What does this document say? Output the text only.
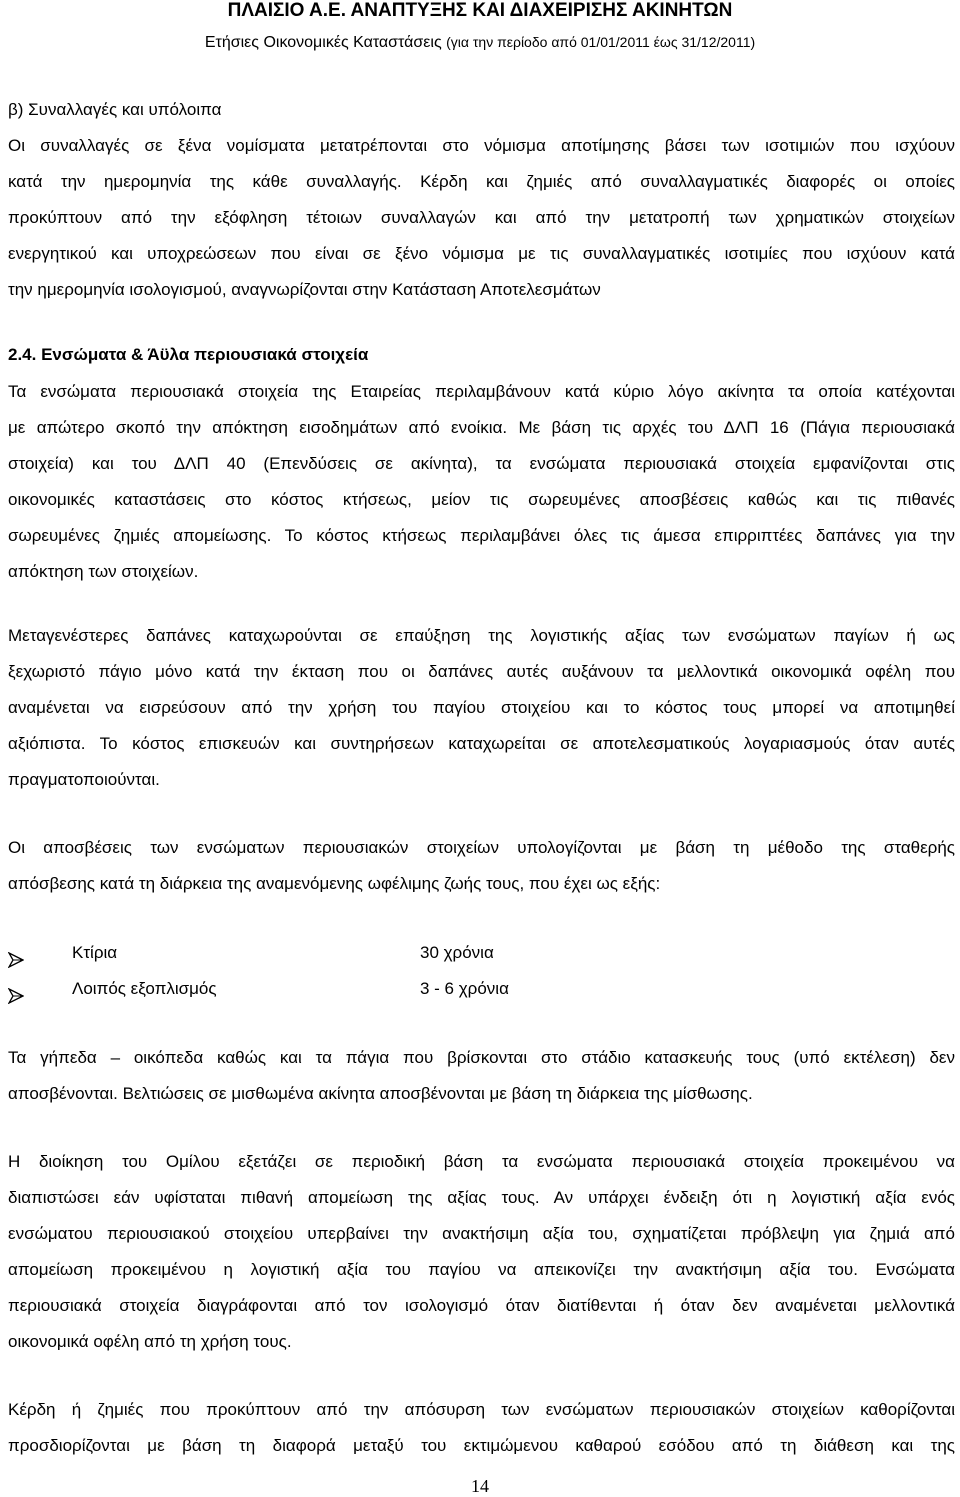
ΠΛΑΙΣΙΟ Α.Ε. ΑΝΑΠΤΥΞΗΣ ΚΑΙ ΔΙΑΧΕΙΡΙΣΗΣ ΑΚΙΝΗΤΩΝ
Ετήσιες Οικονομικές Καταστάσεις (για την περίοδο από 01/01/2011 έως 31/12/2011)
β) Συναλλαγές και υπόλοιπα
Οι συναλλαγές σε ξένα νομίσματα μετατρέπονται στο νόμισμα αποτίμησης βάσει των ισοτιμιών που ισχύουν
κατά την ημερομηνία της κάθε συναλλαγής. Κέρδη και ζημιές από συναλλαγματικές διαφορές οι οποίες
προκύπτουν από την εξόφληση τέτοιων συναλλαγών και από την μετατροπή των χρηματικών στοιχείων
ενεργητικού και υποχρεώσεων που είναι σε ξένο νόμισμα με τις συναλλαγματικές ισοτιμίες που ισχύουν κατά
την ημερομηνία ισολογισμού, αναγνωρίζονται στην Κατάσταση Αποτελεσμάτων
2.4. Ενσώματα & Άϋλα περιουσιακά στοιχεία
Τα ενσώματα περιουσιακά στοιχεία της Εταιρείας περιλαμβάνουν κατά κύριο λόγο ακίνητα τα οποία κατέχονται
με απώτερο σκοπό την απόκτηση εισοδημάτων από ενοίκια. Με βάση τις αρχές του ΔΛΠ 16 (Πάγια περιουσιακά
στοιχεία) και του ΔΛΠ 40 (Επενδύσεις σε ακίνητα), τα ενσώματα περιουσιακά στοιχεία εμφανίζονται στις
οικονομικές καταστάσεις στο κόστος κτήσεως, μείον τις σωρευμένες αποσβέσεις καθώς και τις πιθανές
σωρευμένες ζημιές απομείωσης. Το κόστος κτήσεως περιλαμβάνει όλες τις άμεσα επιρριπτέες δαπάνες για την
απόκτηση των στοιχείων.
Μεταγενέστερες δαπάνες καταχωρούνται σε επαύξηση της λογιστικής αξίας των ενσώματων παγίων ή ως
ξεχωριστό πάγιο μόνο κατά την έκταση που οι δαπάνες αυτές αυξάνουν τα μελλοντικά οικονομικά οφέλη που
αναμένεται να εισρεύσουν από την χρήση του παγίου στοιχείου και το κόστος τους μπορεί να αποτιμηθεί
αξιόπιστα. Το κόστος επισκευών και συντηρήσεων καταχωρείται σε αποτελεσματικούς λογαριασμούς όταν αυτές
πραγματοποιούνται.
Οι αποσβέσεις των ενσώματων περιουσιακών στοιχείων υπολογίζονται με βάση τη μέθοδο της σταθερής
απόσβεσης κατά τη διάρκεια της αναμενόμενης ωφέλιμης ζωής τους, που έχει ως εξής:
Κτίρια	30 χρόνια
Λοιπός εξοπλισμός	3 - 6 χρόνια
Τα γήπεδα – οικόπεδα καθώς και τα πάγια που βρίσκονται στο στάδιο κατασκευής τους (υπό εκτέλεση) δεν
αποσβένονται. Βελτιώσεις σε μισθωμένα ακίνητα αποσβένονται με βάση τη διάρκεια της μίσθωσης.
Η διοίκηση του Ομίλου εξετάζει σε περιοδική βάση τα ενσώματα περιουσιακά στοιχεία προκειμένου να
διαπιστώσει εάν υφίσταται πιθανή απομείωση της αξίας τους. Αν υπάρχει ένδειξη ότι η λογιστική αξία ενός
ενσώματου περιουσιακού στοιχείου υπερβαίνει την ανακτήσιμη αξία του, σχηματίζεται πρόβλεψη για ζημιά από
απομείωση προκειμένου η λογιστική αξία του παγίου να απεικονίζει την ανακτήσιμη αξία του. Ενσώματα
περιουσιακά στοιχεία διαγράφονται από τον ισολογισμό όταν διατίθενται ή όταν δεν αναμένεται μελλοντικά
οικονομικά οφέλη από τη χρήση τους.
Κέρδη ή ζημιές που προκύπτουν από την απόσυρση των ενσώματων περιουσιακών στοιχείων καθορίζονται
προσδιορίζονται με βάση τη διαφορά μεταξύ του εκτιμώμενου καθαρού εσόδου από τη διάθεση και της
14
